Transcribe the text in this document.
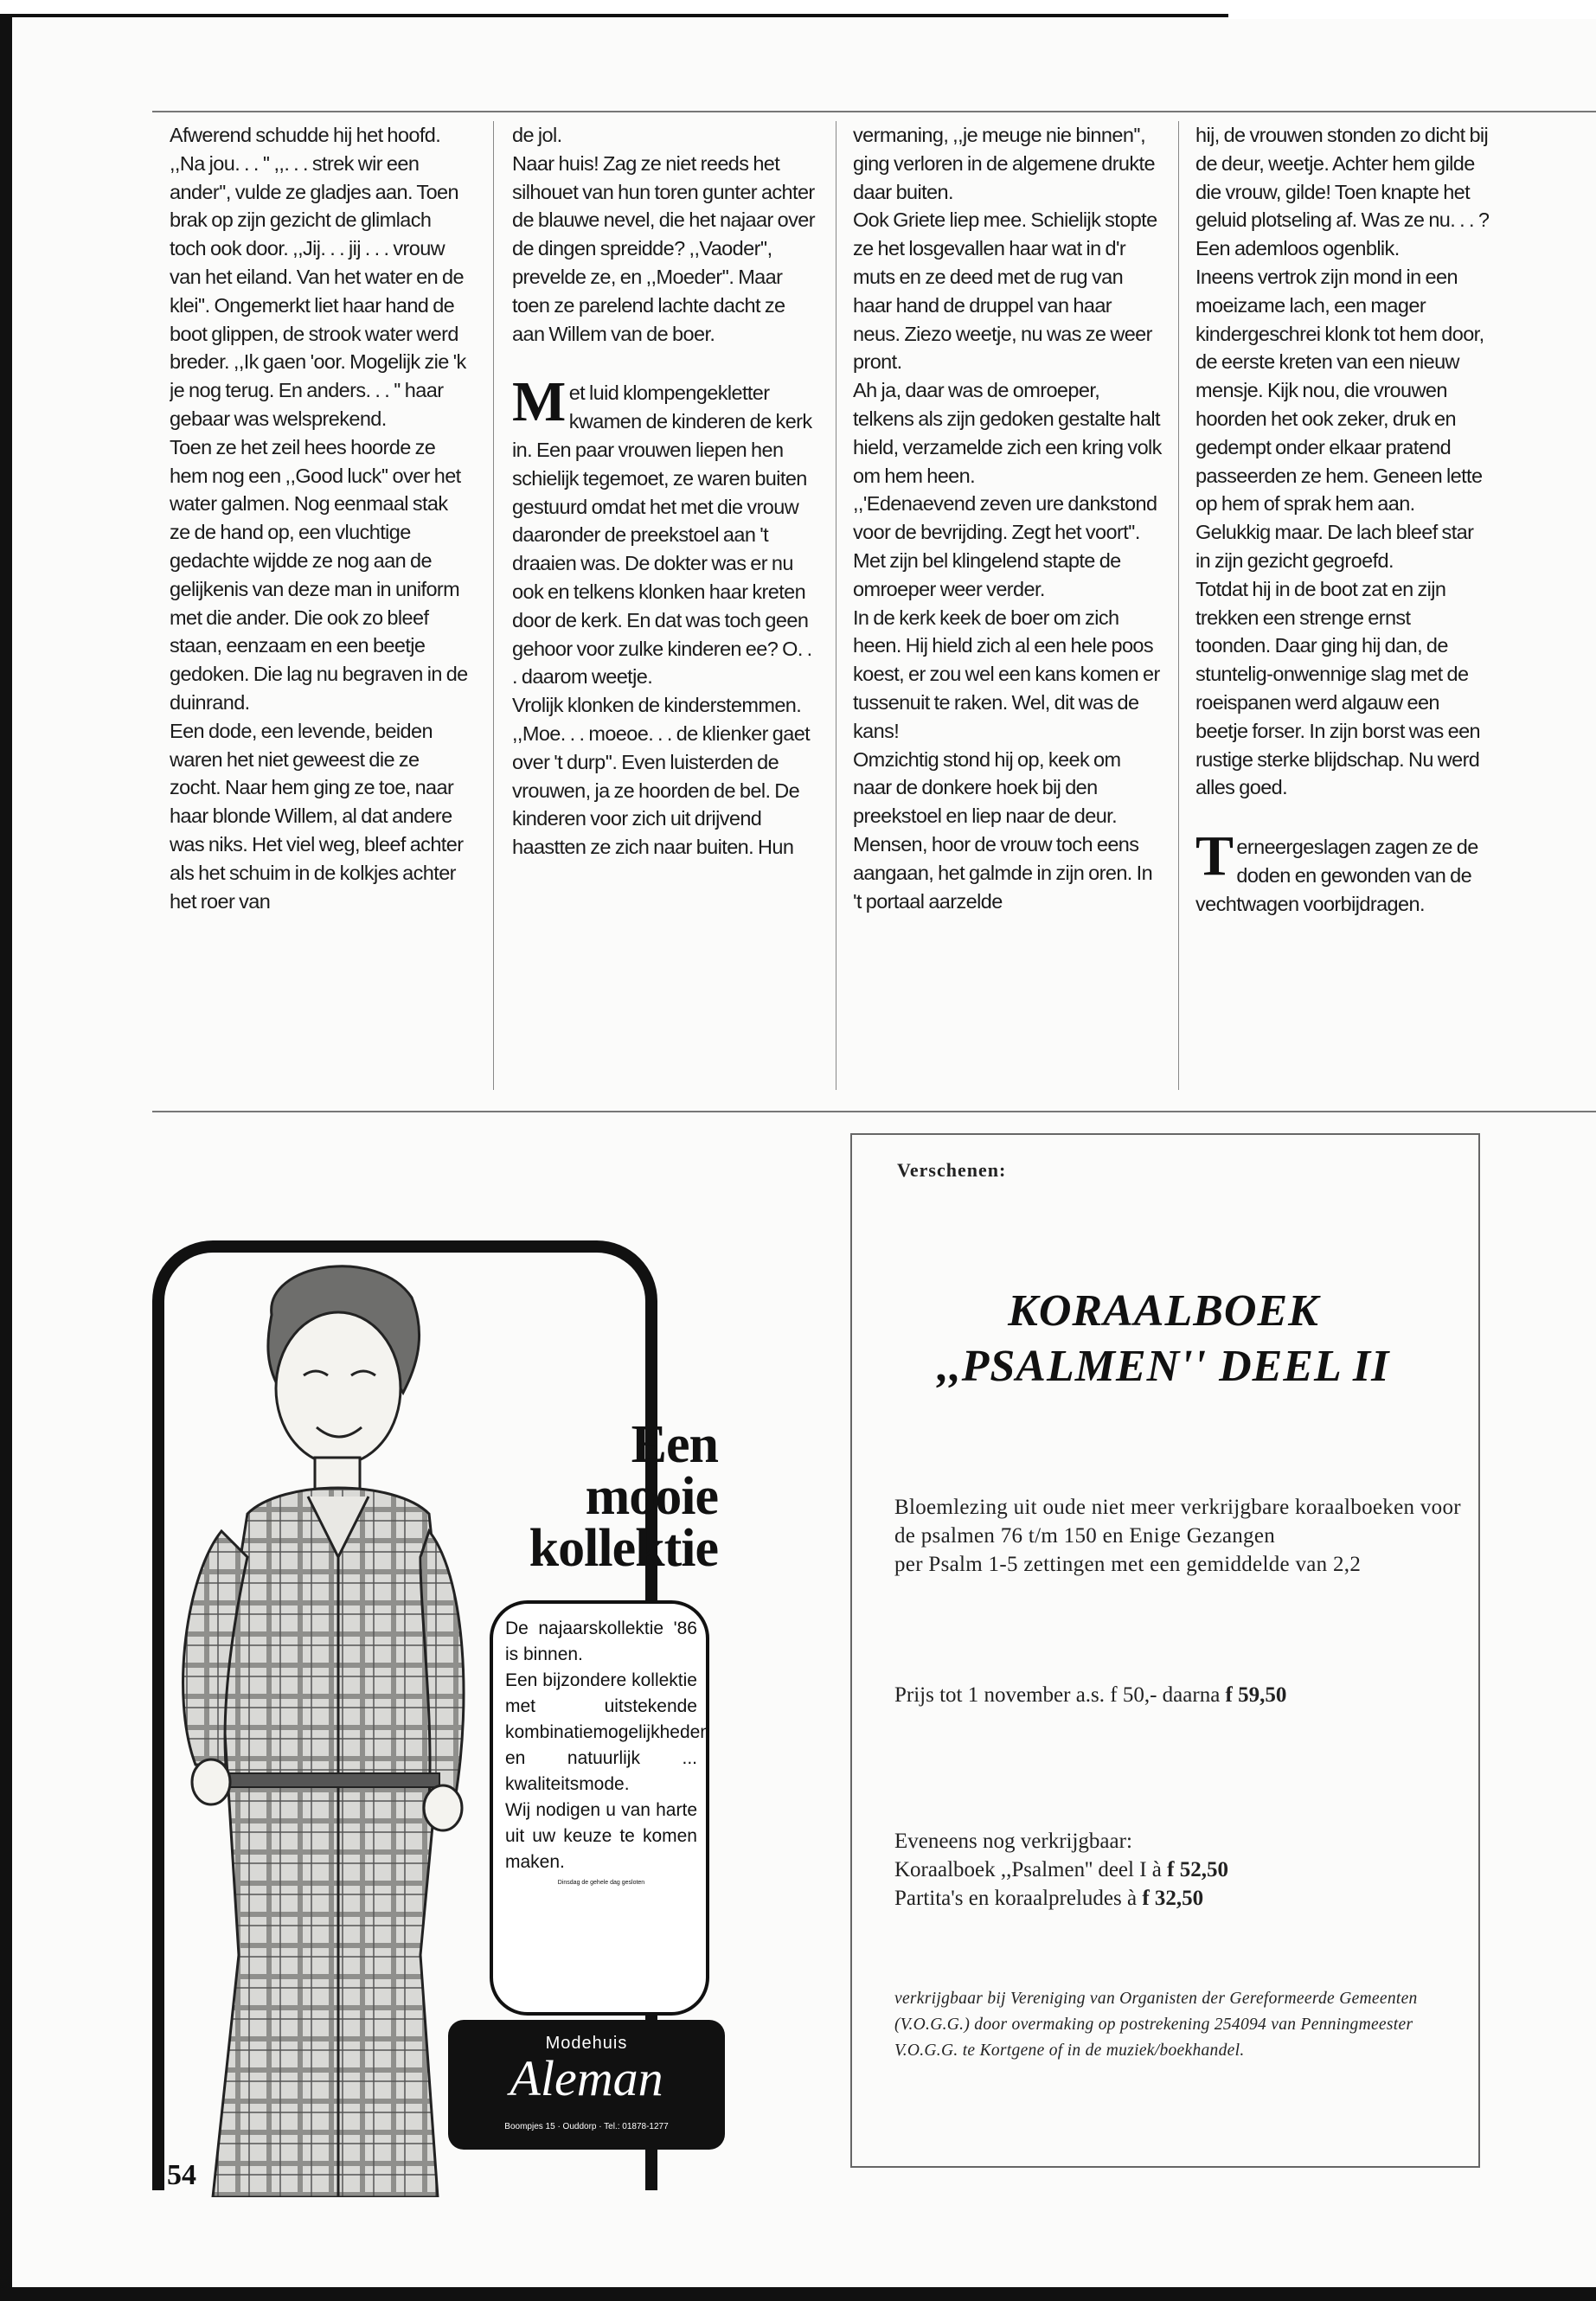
Afwerend schudde hij het hoofd. ,,Na jou. . . '' ,,. . . strek wir een ander'', vulde ze gladjes aan. Toen brak op zijn gezicht de glimlach toch ook door. ,,Jij. . . jij . . . vrouw van het eiland. Van het water en de klei''. Ongemerkt liet haar hand de boot glippen, de strook water werd breder. ,,Ik gaen 'oor. Mogelijk zie 'k je nog terug. En anders. . . '' haar gebaar was welsprekend.

Toen ze het zeil hees hoorde ze hem nog een ,,Good luck'' over het water galmen. Nog eenmaal stak ze de hand op, een vluchtige gedachte wijdde ze nog aan de gelijkenis van deze man in uniform met die ander. Die ook zo bleef staan, eenzaam en een beetje gedoken. Die lag nu begraven in de duinrand.

Een dode, een levende, beiden waren het niet geweest die ze zocht. Naar hem ging ze toe, naar haar blonde Willem, al dat andere was niks. Het viel weg, bleef achter als het schuim in de kolkjes achter het roer van

de jol.

Naar huis! Zag ze niet reeds het silhouet van hun toren gunter achter de blauwe nevel, die het najaar over de dingen spreidde? ,,Vaoder'', prevelde ze, en ,,Moeder''. Maar toen ze parelend lachte dacht ze aan Willem van de boer.

Met luid klompengekletter kwamen de kinderen de kerk in. Een paar vrouwen liepen hen schielijk tegemoet, ze waren buiten gestuurd omdat het met die vrouw daaronder de preekstoel aan 't draaien was. De dokter was er nu ook en telkens klonken haar kreten door de kerk. En dat was toch geen gehoor voor zulke kinderen ee? O. . . daarom weetje.

Vrolijk klonken de kinderstemmen. ,,Moe. . . moeoe. . . de klienker gaet over 't durp''. Even luisterden de vrouwen, ja ze hoorden de bel. De kinderen voor zich uit drijvend haastten ze zich naar buiten. Hun

vermaning, ,,je meuge nie binnen'', ging verloren in de algemene drukte daar buiten.

Ook Griete liep mee. Schielijk stopte ze het losgevallen haar wat in d'r muts en ze deed met de rug van haar hand de druppel van haar neus. Ziezo weetje, nu was ze weer pront.

Ah ja, daar was de omroeper, telkens als zijn gedoken gestalte halt hield, verzamelde zich een kring volk om hem heen.

,,'Edenaevend zeven ure dankstond voor de bevrijding. Zegt het voort''. Met zijn bel klingelend stapte de omroeper weer verder.

In de kerk keek de boer om zich heen. Hij hield zich al een hele poos koest, er zou wel een kans komen er tussenuit te raken. Wel, dit was de kans!

Omzichtig stond hij op, keek om naar de donkere hoek bij den preekstoel en liep naar de deur. Mensen, hoor de vrouw toch eens aangaan, het galmde in zijn oren. In 't portaal aarzelde

hij, de vrouwen stonden zo dicht bij de deur, weetje. Achter hem gilde die vrouw, gilde! Toen knapte het geluid plotseling af. Was ze nu. . . ? Een ademloos ogenblik.

Ineens vertrok zijn mond in een moeizame lach, een mager kindergeschrei klonk tot hem door, de eerste kreten van een nieuw mensje. Kijk nou, die vrouwen hoorden het ook zeker, druk en gedempt onder elkaar pratend passeerden ze hem. Geneen lette op hem of sprak hem aan. Gelukkig maar. De lach bleef star in zijn gezicht gegroefd.

Totdat hij in de boot zat en zijn trekken een strenge ernst toonden. Daar ging hij dan, de stuntelig-onwennige slag met de roeispanen werd algauw een beetje forser. In zijn borst was een rustige sterke blijdschap. Nu werd alles goed.

Terneergeslagen zagen ze de doden en gewonden van de vechtwagen voorbijdragen.

Een
mooie
kollektie

De najaarskollektie '86 is binnen.

Een bijzondere kollektie met uitstekende kombinatiemogelijkheden en natuurlijk ... kwaliteitsmode.

Wij nodigen u van harte uit uw keuze te komen maken.

Dinsdag de gehele dag gesloten

Modehuis
Aleman
Boompjes 15 · Ouddorp · Tel.: 01878-1277
Verschenen:
KORAALBOEK
,,PSALMEN'' DEEL II

Bloemlezing uit oude niet meer verkrijgbare koraalboeken voor de psalmen 76 t/m 150 en Enige Gezangen

per Psalm 1-5 zettingen met een gemiddelde van 2,2

Prijs tot 1 november a.s. f 50,- daarna f 59,50

Eveneens nog verkrijgbaar:

Koraalboek ,,Psalmen'' deel I à f 52,50

Partita's en koraalpreludes à f 32,50

verkrijgbaar bij Vereniging van Organisten der Gereformeerde Gemeenten (V.O.G.G.) door overmaking op postrekening 254094 van Penningmeester V.O.G.G. te Kortgene of in de muziek/boekhandel.

54
